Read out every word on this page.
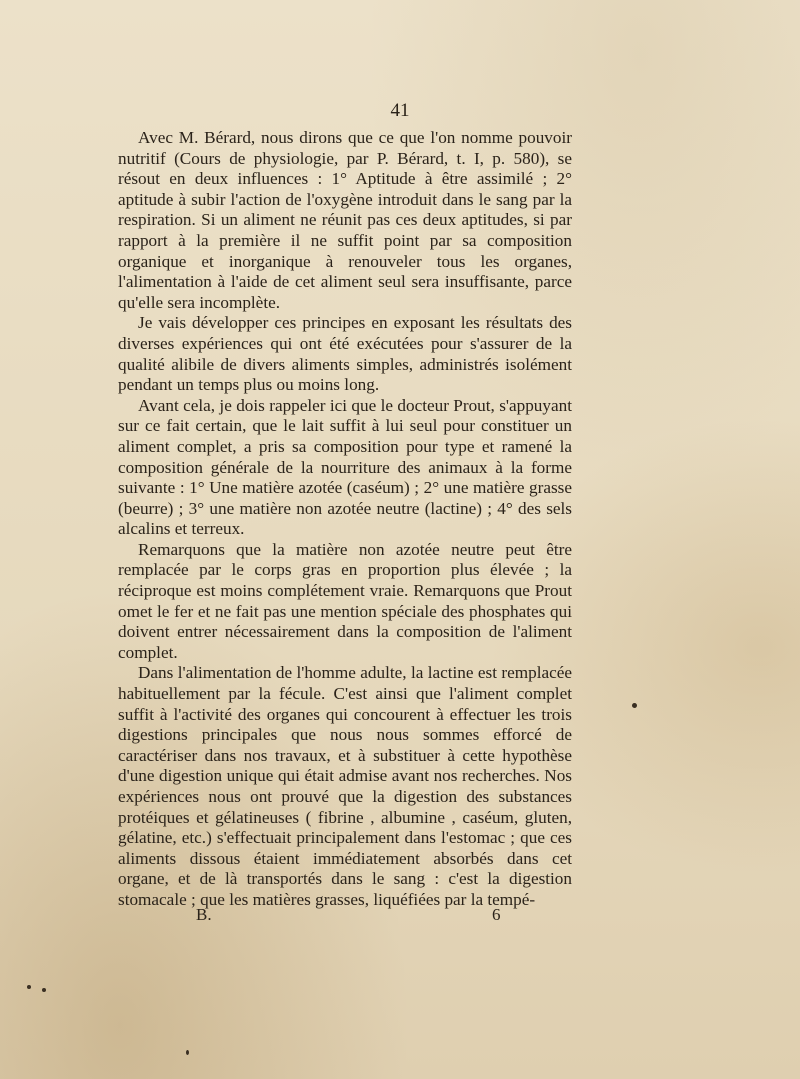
41

Avec M. Bérard, nous dirons que ce que l'on nomme pouvoir nutritif (Cours de physiologie, par P. Bérard, t. I, p. 580), se résout en deux influences : 1° Aptitude à être assimilé ; 2° aptitude à subir l'action de l'oxygène introduit dans le sang par la respiration. Si un aliment ne réunit pas ces deux aptitudes, si par rapport à la première il ne suffit point par sa composition organique et inorganique à renouveler tous les organes, l'alimentation à l'aide de cet aliment seul sera insuffisante, parce qu'elle sera incomplète.

Je vais développer ces principes en exposant les résultats des diverses expériences qui ont été exécutées pour s'assurer de la qualité alibile de divers aliments simples, administrés isolément pendant un temps plus ou moins long.

Avant cela, je dois rappeler ici que le docteur Prout, s'appuyant sur ce fait certain, que le lait suffit à lui seul pour constituer un aliment complet, a pris sa composition pour type et ramené la composition générale de la nourriture des animaux à la forme suivante : 1° Une matière azotée (caséum) ; 2° une matière grasse (beurre) ; 3° une matière non azotée neutre (lactine) ; 4° des sels alcalins et terreux.

Remarquons que la matière non azotée neutre peut être remplacée par le corps gras en proportion plus élevée ; la réciproque est moins complétement vraie. Remarquons que Prout omet le fer et ne fait pas une mention spéciale des phosphates qui doivent entrer nécessairement dans la composition de l'aliment complet.

Dans l'alimentation de l'homme adulte, la lactine est remplacée habituellement par la fécule. C'est ainsi que l'aliment complet suffit à l'activité des organes qui concourent à effectuer les trois digestions principales que nous nous sommes efforcé de caractériser dans nos travaux, et à substituer à cette hypothèse d'une digestion unique qui était admise avant nos recherches. Nos expériences nous ont prouvé que la digestion des substances protéiques et gélatineuses ( fibrine , albumine , caséum, gluten, gélatine, etc.) s'effectuait principalement dans l'estomac ; que ces aliments dissous étaient immédiatement absorbés dans cet organe, et de là transportés dans le sang : c'est la digestion stomacale ; que les matières grasses, liquéfiées par la tempé-

B.	6
